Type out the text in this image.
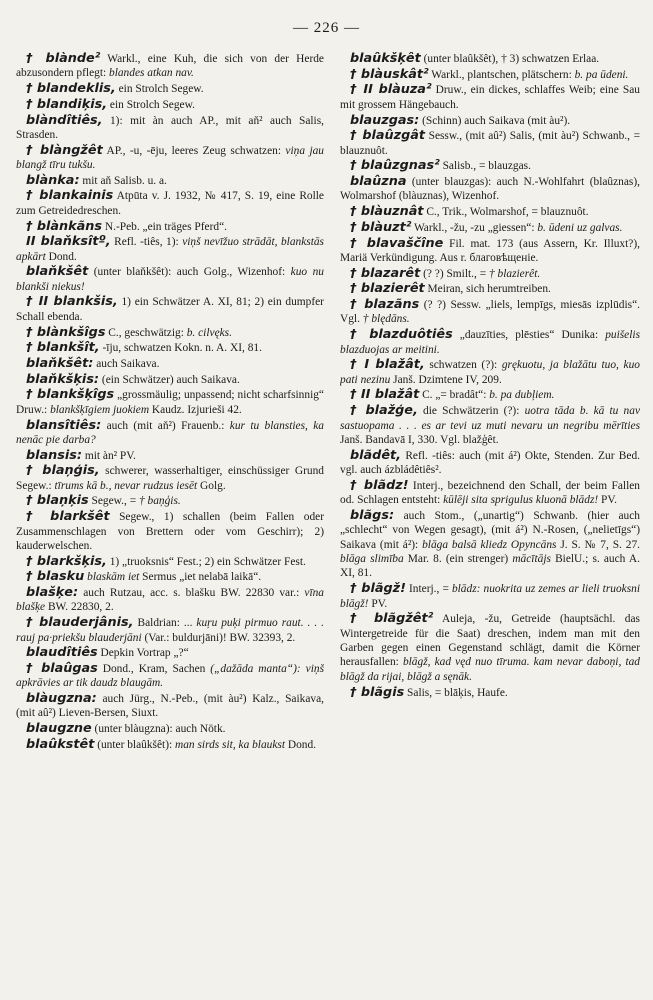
— 226 —

† blànde² Warkl., eine Kuh, die sich von der Herde abzusondern pflegt: blandes atkan nav.

† blandeklis, ein Strolch Segew.

† blandiķis, ein Strolch Segew.

blàndîtiês, 1): mit àn auch AP., mit aň² auch Salis, Strasden.

† blàngžêt AP., -u, -ēju, leeres Zeug schwatzen: viņa jau blangž tīru tukšu.

blànka: mit aň Salisb. u. a.

† blankainis Atpūta v. J. 1932, № 417, S. 19, eine Rolle zum Getreidedreschen.

† blànkãns N.-Peb. „ein träges Pferd“.

II blaňksîtº, Refl. -tiês, 1): viņš nevīžuo strādāt, blankstās apkārt Dond.

blaňkšêt (unter blaňkšêt): auch Golg., Wizenhof: kuo nu blankši niekus!

† II blankšis, 1) ein Schwätzer A. XI, 81; 2) ein dumpfer Schall ebenda.

† blànkšîgs C., geschwätzig: b. cilvęks.

† blankšît, -īju, schwatzen Kokn. n. A. XI, 81.

blaňkšêt: auch Saikava.

blaňkšķis: (ein Schwätzer) auch Saikava.

† blankšķîgs „grossmäulig; unpassend; nicht scharfsinnig“ Druw.: blankšķīgiem juokiem Kaudz. Izjurieši 42.

blansîtiês: auch (mit aň²) Frauenb.: kur tu blansties, ka nenāc pie darba?

blansis: mit àn² PV.

† blaņģis, schwerer, wasserhaltiger, einschüssiger Grund Segew.: tīrums kā b., nevar rudzus iesēt Golg.

† blaņķis Segew., = † baņģis.

† blarkšêt Segew., 1) schallen (beim Fallen oder Zusammenschlagen von Brettern oder vom Geschirr); 2) kauderwelschen.

† blarkšķis, 1) „truoksnis“ Fest.; 2) ein Schwätzer Fest.

† blasku blaskām iet Sermus „iet nelabā laikā“.

blašķe: auch Rutzau, acc. s. blašku BW. 22830 var.: vīna blašķe BW. 22830, 2.

† blauderjânis, Baldrian: ... kuŗu puķi pirmuo raut. . . . rauj pa·priekšu blauderjāni (Var.: buldurjāni)! BW. 32393, 2.

blaudîtiês Depkin Vortrap „?“

† blaûgas Dond., Kram, Sachen („dažāda manta“): viņš apkrāvies ar tik daudz blaugām.

blàugzna: auch Jürg., N.-Peb., (mit àu²) Kalz., Saikava, (mit aû²) Lieven-Bersen, Siuxt.

blaugzne (unter blàugzna): auch Nötk.

blaûkstêt (unter blaûkšêt): man sirds sit, ka blaukst Dond.

blaûkšķêt (unter blaûkšêt), † 3) schwatzen Erlaa.

† blàuskât² Warkl., plantschen, plätschern: b. pa ūdeni.

† II blàuza² Druw., ein dickes, schlaffes Weib; eine Sau mit grossem Hängebauch.

blauzgas: (Schinn) auch Saikava (mit àu²).

† blaûzgât Sessw., (mit aû²) Salis, (mit àu²) Schwanb., = blauznuôt.

† blaûzgnas² Salisb., = blauzgas.

blaûzna (unter blauzgas): auch N.-Wohlfahrt (blaûznas), Wolmarshof (blàuznas), Wizenhof.

† blàuznât C., Trik., Wolmarshof, = blauznuôt.

† blàuzt² Warkl., -žu, -zu „giessen“: b. ūdeni uz galvas.

† blavaščîne Fil. mat. 173 (aus Assern, Kr. Illuxt?), Mariä Verkündigung. Aus r. благовѣщеніе.

† blazarêt (? ?) Smilt., = † blazierêt.

† blazierêt Meiran, sich herumtreiben.

† blazãns (? ?) Sessw. „liels, lempīgs, miesās izplūdis“. Vgl. † blędāns.

† blazduôtiês „dauzīties, plēsties“ Dunika: puišelis blazduojas ar meitini.

† I blažât, schwatzen (?): grękuotu, ja blažātu tuo, kuo pati nezinu Janš. Dzimtene IV, 209.

† II blažât C. „= bradât“: b. pa dubļiem.

† blažģe, die Schwätzerin (?): uotra tāda b. kā tu nav sastuopama . . . es ar tevi uz muti nevaru un negribu mērīties Janš. Bandavā I, 330. Vgl. blažģêt.

blãdêt, Refl. -tiês: auch (mit á²) Okte, Stenden. Zur Bed. vgl. auch ázbládêtiês².

† blãdz! Interj., bezeichnend den Schall, der beim Fallen od. Schlagen entsteht: kūlēji sita sprigulus kluonā blādz! PV.

blãgs: auch Stom., („unartig“) Schwanb. (hier auch „schlecht“ von Wegen gesagt), (mit á²) N.-Rosen, („nelietīgs“) Saikava (mit á²): blāga balsā kliedz Opyncāns J. S. № 7, S. 27. blāga slimība Mar. 8. (ein strenger) mācītājs BielU.; s. auch A. XI, 81.

† blãgž! Interj., = blādz: nuokrita uz zemes ar lieli truoksni blāgž! PV.

† blãgžêt² Auleja, -žu, Getreide (hauptsächl. das Wintergetreide für die Saat) dreschen, indem man mit den Garben gegen einen Gegenstand schlägt, damit die Körner herausfallen: blāgž, kad vęd nuo tīruma. kam nevar daboņi, tad blāgž da rijai, blāgž a sęnāk.

† blãgis Salis, = blāķis, Haufe.
